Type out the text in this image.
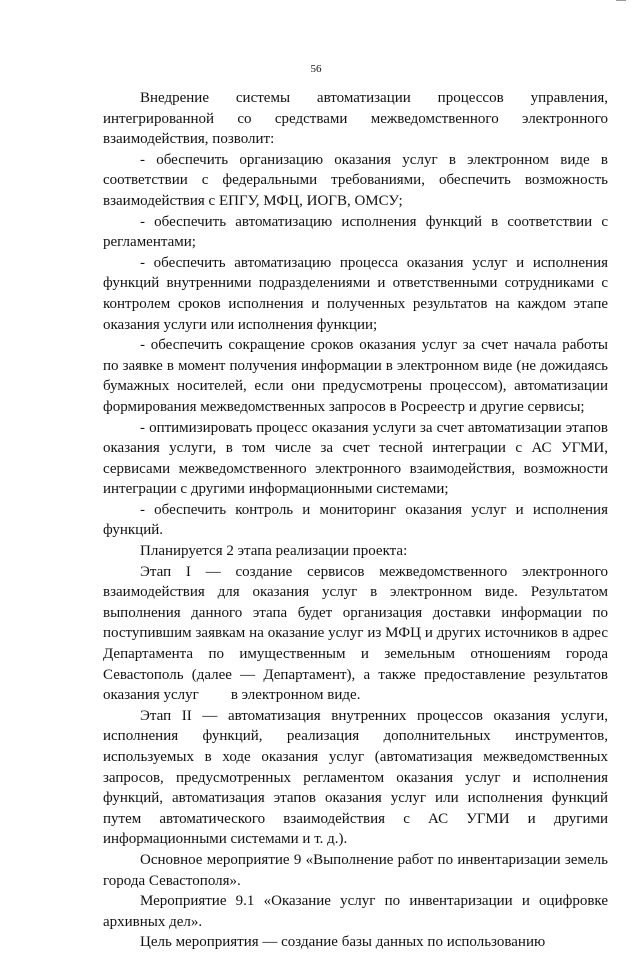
56

Внедрение системы автоматизации процессов управления, интегрированной со средствами межведомственного электронного взаимодействия, позволит:

- обеспечить организацию оказания услуг в электронном виде в соответствии с федеральными требованиями, обеспечить возможность взаимодействия с ЕПГУ, МФЦ, ИОГВ, ОМСУ;

- обеспечить автоматизацию исполнения функций в соответствии с регламентами;

- обеспечить автоматизацию процесса оказания услуг и исполнения функций внутренними подразделениями и ответственными сотрудниками с контролем сроков исполнения и полученных результатов на каждом этапе оказания услуги или исполнения функции;

- обеспечить сокращение сроков оказания услуг за счет начала работы по заявке в момент получения информации в электронном виде (не дожидаясь бумажных носителей, если они предусмотрены процессом), автоматизации формирования межведомственных запросов в Росреестр и другие сервисы;

- оптимизировать процесс оказания услуги за счет автоматизации этапов оказания услуги, в том числе за счет тесной интеграции с АС УГМИ, сервисами межведомственного электронного взаимодействия, возможности интеграции с другими информационными системами;

- обеспечить контроль и мониторинг оказания услуг и исполнения функций.

Планируется 2 этапа реализации проекта:

Этап I — создание сервисов межведомственного электронного взаимодействия для оказания услуг в электронном виде. Результатом выполнения данного этапа будет организация доставки информации по поступившим заявкам на оказание услуг из МФЦ и других источников в адрес Департамента по имущественным и земельным отношениям города Севастополь (далее — Департамент), а также предоставление результатов оказания услуг в электронном виде.

Этап II — автоматизация внутренних процессов оказания услуги, исполнения функций, реализация дополнительных инструментов, используемых в ходе оказания услуг (автоматизация межведомственных запросов, предусмотренных регламентом оказания услуг и исполнения функций, автоматизация этапов оказания услуг или исполнения функций путем автоматического взаимодействия с АС УГМИ и другими информационными системами и т. д.).

Основное мероприятие 9 «Выполнение работ по инвентаризации земель города Севастополя».

Мероприятие 9.1 «Оказание услуг по инвентаризации и оцифровке архивных дел».

Цель мероприятия — создание базы данных по использованию
